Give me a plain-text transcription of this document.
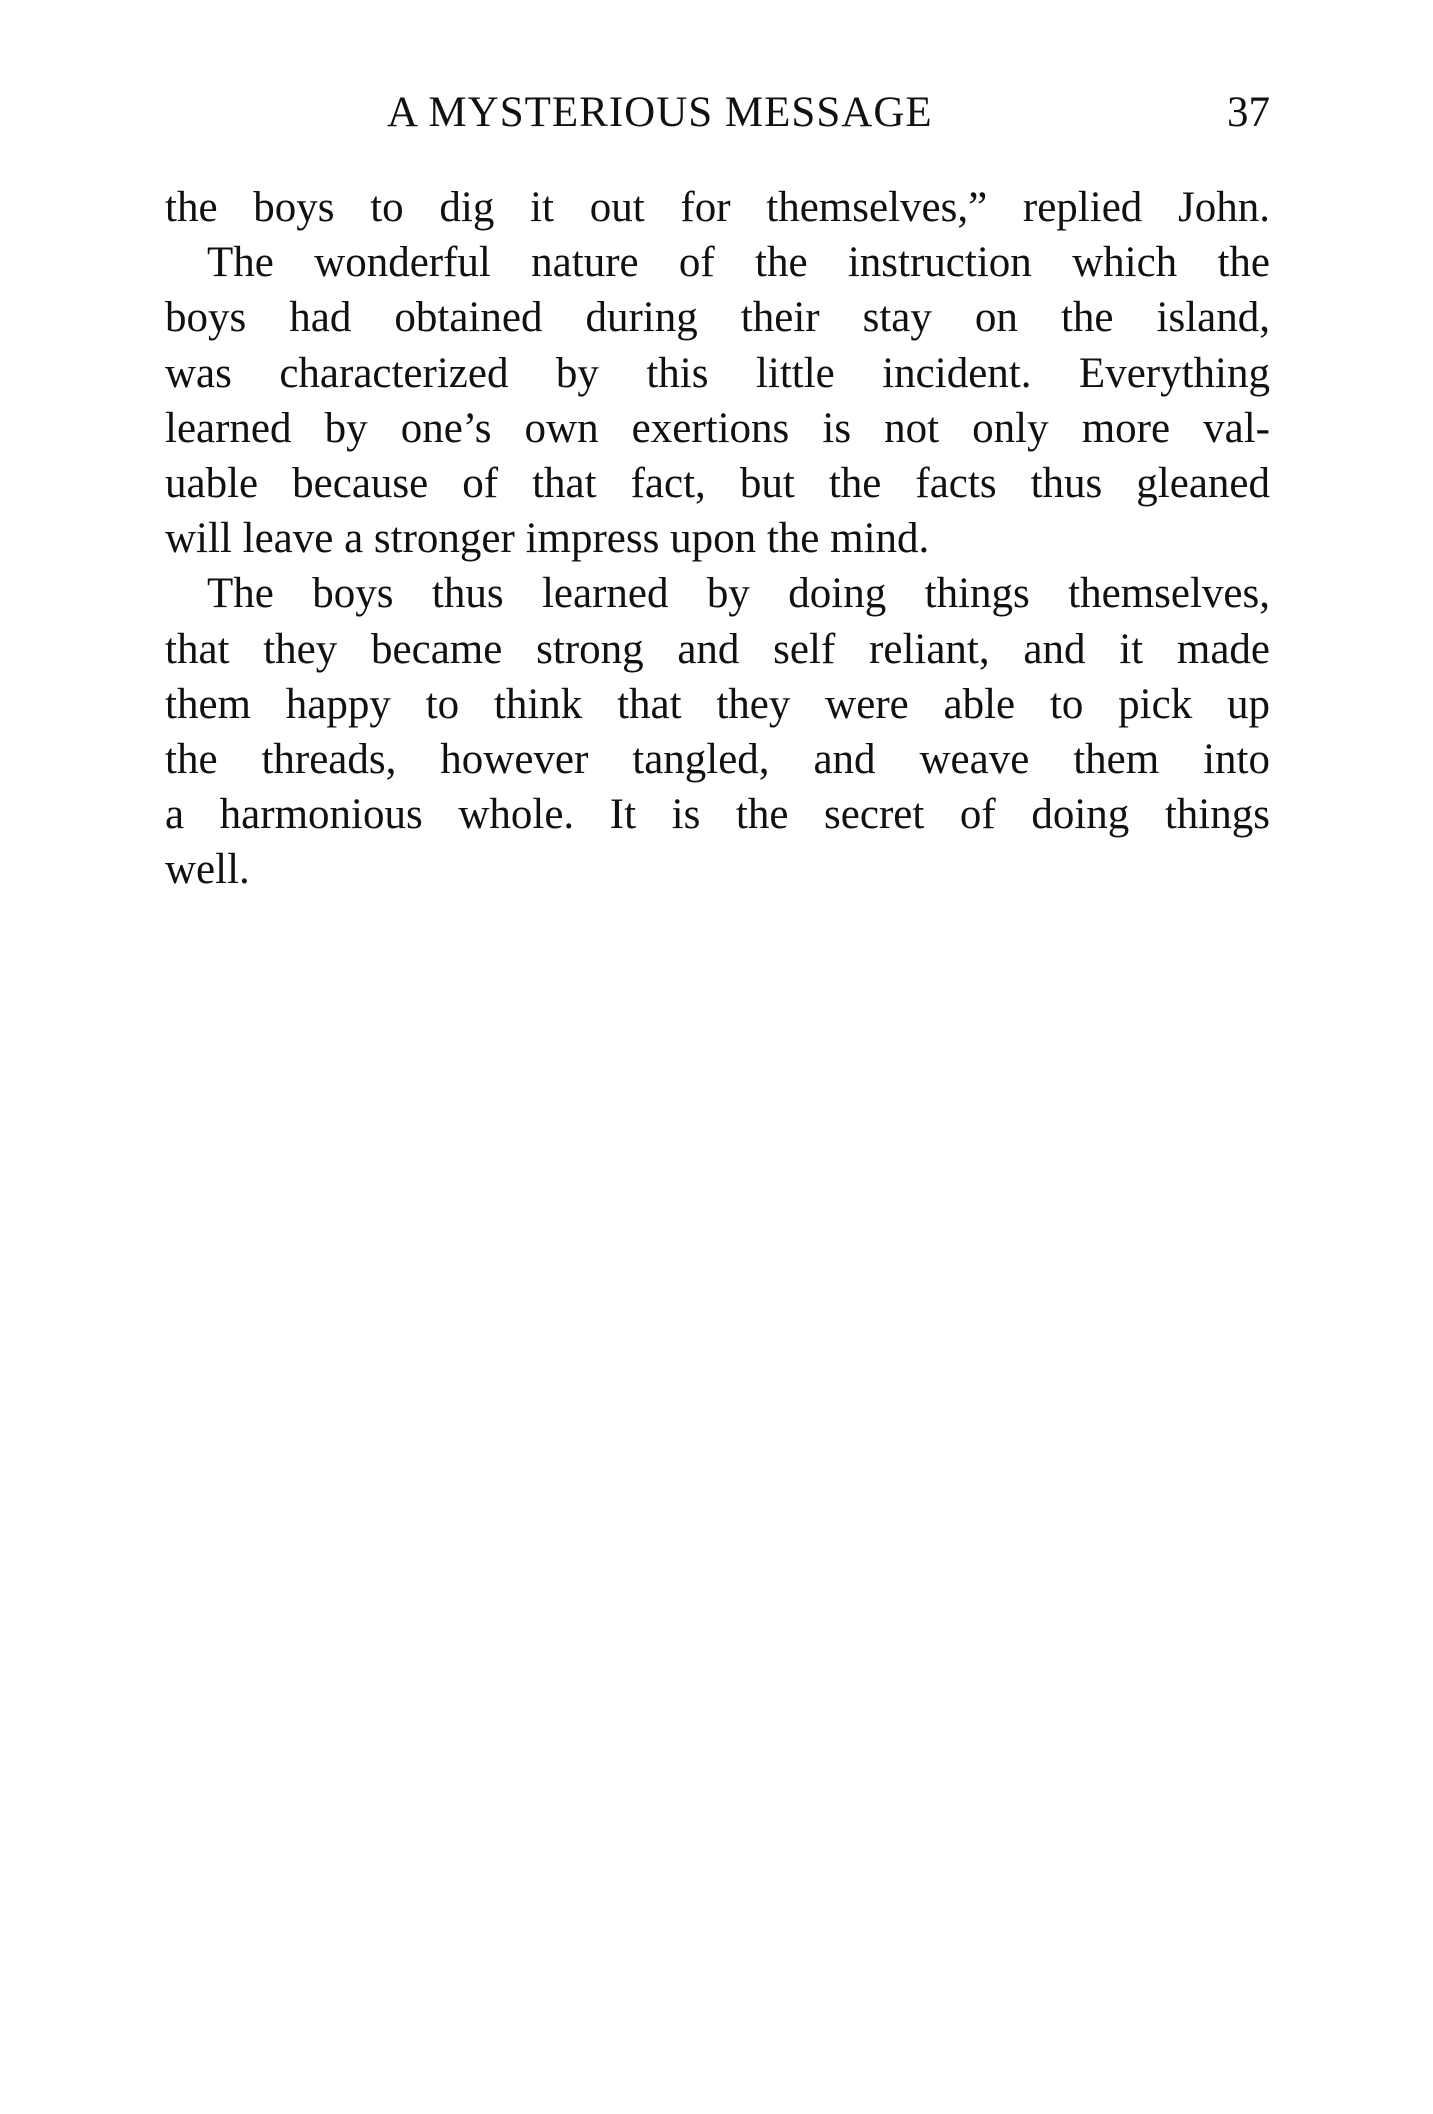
A MYSTERIOUS MESSAGE	37
the boys to dig it out for themselves,” replied John.
The wonderful nature of the instruction which the
boys had obtained during their stay on the island,
was characterized by this little incident. Everything
learned by one’s own exertions is not only more val-
uable because of that fact, but the facts thus gleaned
will leave a stronger impress upon the mind.
The boys thus learned by doing things themselves,
that they became strong and self reliant, and it made
them happy to think that they were able to pick up
the threads, however tangled, and weave them into
a harmonious whole. It is the secret of doing things
well.
